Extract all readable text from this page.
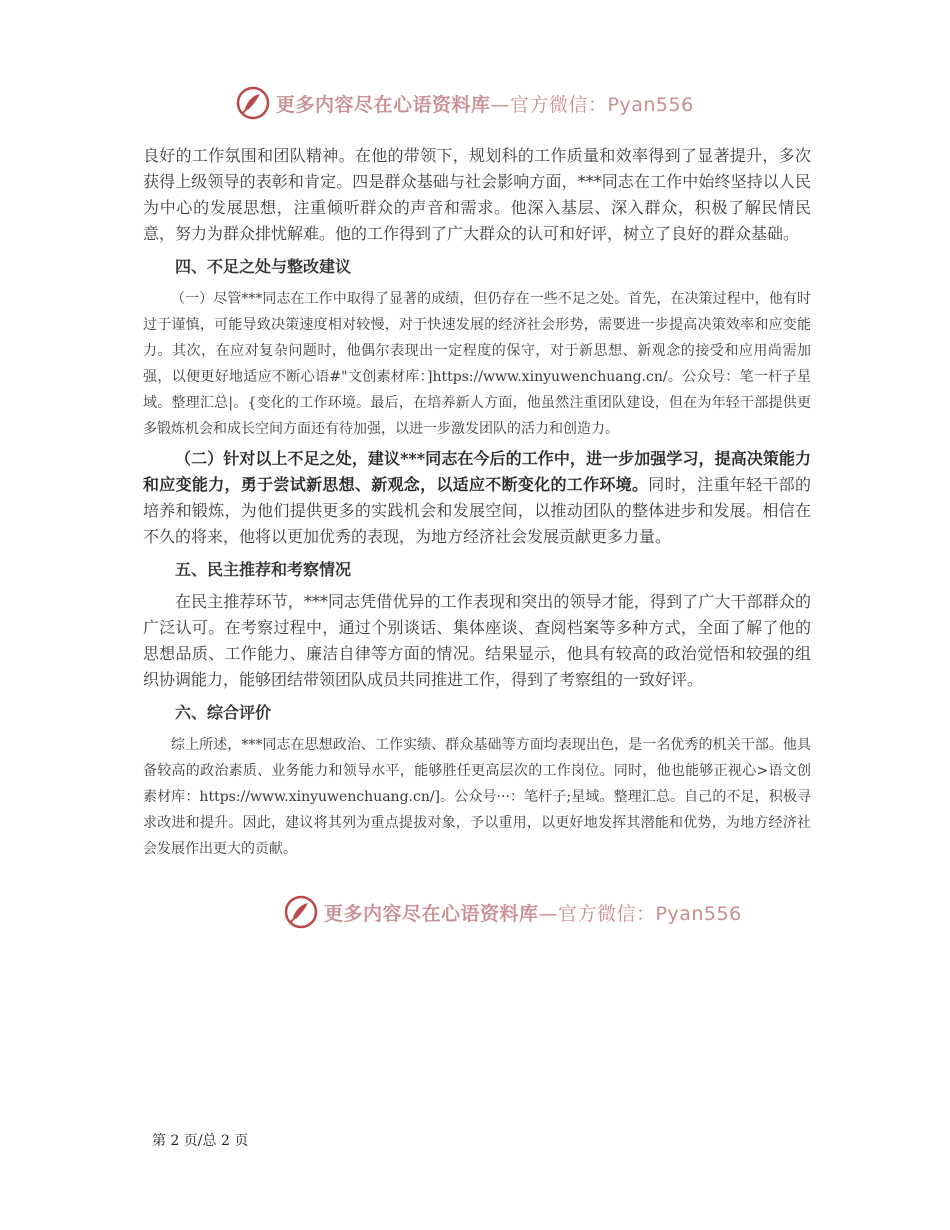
更多内容尽在心语资料库 —官方微信：Pyan556

良好的工作氛围和团队精神。在他的带领下，规划科的工作质量和效率得到了显著提升，多次获得上级领导的表彰和肯定。四是群众基础与社会影响方面，***同志在工作中始终坚持以人民为中心的发展思想，注重倾听群众的声音和需求。他深入基层、深入群众，积极了解民情民意，努力为群众排忧解难。他的工作得到了广大群众的认可和好评，树立了良好的群众基础。

四、不足之处与整改建议

（一）尽管***同志在工作中取得了显著的成绩，但仍存在一些不足之处。首先，在决策过程中，他有时过于谨慎，可能导致决策速度相对较慢，对于快速发展的经济社会形势，需要进一步提高决策效率和应变能力。其次，在应对复杂问题时，他偶尔表现出一定程度的保守，对于新思想、新观念的接受和应用尚需加强，以便更好地适应不断心语#"文创素材库：]https://www.xinyuwenchuang.cn/。公众号：笔一杆子星域。整理汇总|。{变化的工作环境。最后，在培养新人方面，他虽然注重团队建设，但在为年轻干部提供更多锻炼机会和成长空间方面还有待加强，以进一步激发团队的活力和创造力。

（二）针对以上不足之处，建议***同志在今后的工作中，进一步加强学习，提高决策能力和应变能力，勇于尝试新思想、新观念，以适应不断变化的工作环境。同时，注重年轻干部的培养和锻炼，为他们提供更多的实践机会和发展空间，以推动团队的整体进步和发展。相信在不久的将来，他将以更加优秀的表现，为地方经济社会发展贡献更多力量。

五、民主推荐和考察情况

在民主推荐环节，***同志凭借优异的工作表现和突出的领导才能，得到了广大干部群众的广泛认可。在考察过程中，通过个别谈话、集体座谈、查阅档案等多种方式，全面了解了他的思想品质、工作能力、廉洁自律等方面的情况。结果显示，他具有较高的政治觉悟和较强的组织协调能力，能够团结带领团队成员共同推进工作，得到了考察组的一致好评。

六、综合评价

综上所述，***同志在思想政治、工作实绩、群众基础等方面均表现出色，是一名优秀的机关干部。他具备较高的政治素质、业务能力和领导水平，能够胜任更高层次的工作岗位。同时，他也能够正视心>语文创素材库：https://www.xinyuwenchuang.cn/]。公众号···：笔杆子;星域。整理汇总。自己的不足，积极寻求改进和提升。因此，建议将其列为重点提拔对象，予以重用，以更好地发挥其潜能和优势，为地方经济社会发展作出更大的贡献。

更多内容尽在心语资料库 —官方微信：Pyan556
第 2 页/总 2 页
